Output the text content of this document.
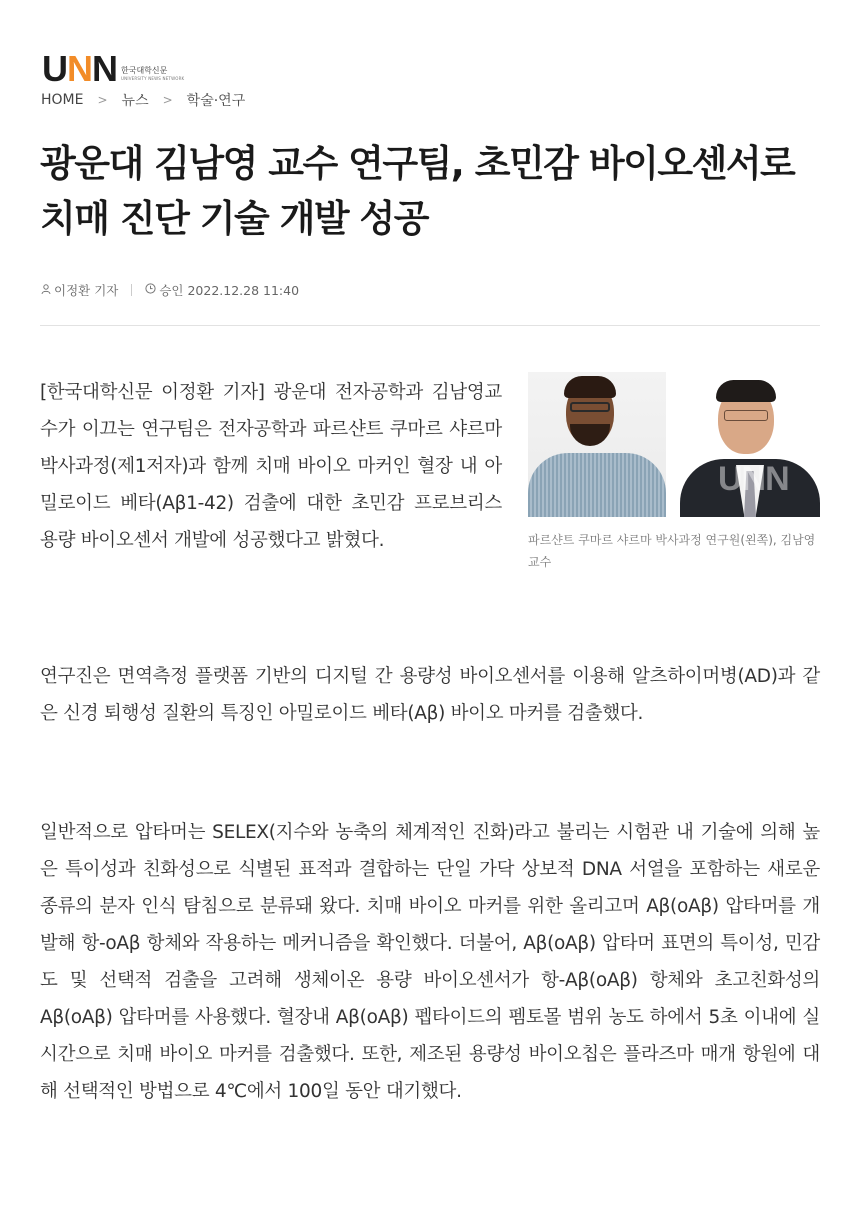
UNN 한국대학신문
UNIVERSITY NEWS NETWORK
HOME > 뉴스 > 학술·연구
광운대 김남영 교수 연구팀, 초민감 바이오센서로 치매 진단 기술 개발 성공
이정환 기자	승인 2022.12.28 11:40
UNN
파르샨트 쿠마르 샤르마 박사과정 연구원(왼쪽), 김남영 교수

[한국대학신문 이정환 기자] 광운대 전자공학과 김남영교수가 이끄는 연구팀은 전자공학과 파르샨트 쿠마르 샤르마 박사과정(제1저자)과 함께 치매 바이오 마커인 혈장 내 아밀로이드 베타(Aβ1-42) 검출에 대한 초민감 프로브리스 용량 바이오센서 개발에 성공했다고 밝혔다.

연구진은 면역측정 플랫폼 기반의 디지털 간 용량성 바이오센서를 이용해 알츠하이머병(AD)과 같은 신경 퇴행성 질환의 특징인 아밀로이드 베타(Aβ) 바이오 마커를 검출했다.

일반적으로 압타머는 SELEX(지수와 농축의 체계적인 진화)라고 불리는 시험관 내 기술에 의해 높은 특이성과 친화성으로 식별된 표적과 결합하는 단일 가닥 상보적 DNA 서열을 포함하는 새로운 종류의 분자 인식 탐침으로 분류돼 왔다. 치매 바이오 마커를 위한 올리고머 Aβ(oAβ) 압타머를 개발해 항-oAβ 항체와 작용하는 메커니즘을 확인했다. 더불어, Aβ(oAβ) 압타머 표면의 특이성, 민감도 및 선택적 검출을 고려해 생체이온 용량 바이오센서가 항-Aβ(oAβ) 항체와 초고친화성의 Aβ(oAβ) 압타머를 사용했다. 혈장내 Aβ(oAβ) 펩타이드의 펨토몰 범위 농도 하에서 5초 이내에 실시간으로 치매 바이오 마커를 검출했다. 또한, 제조된 용량성 바이오칩은 플라즈마 매개 항원에 대해 선택적인 방법으로 4℃에서 100일 동안 대기했다.
